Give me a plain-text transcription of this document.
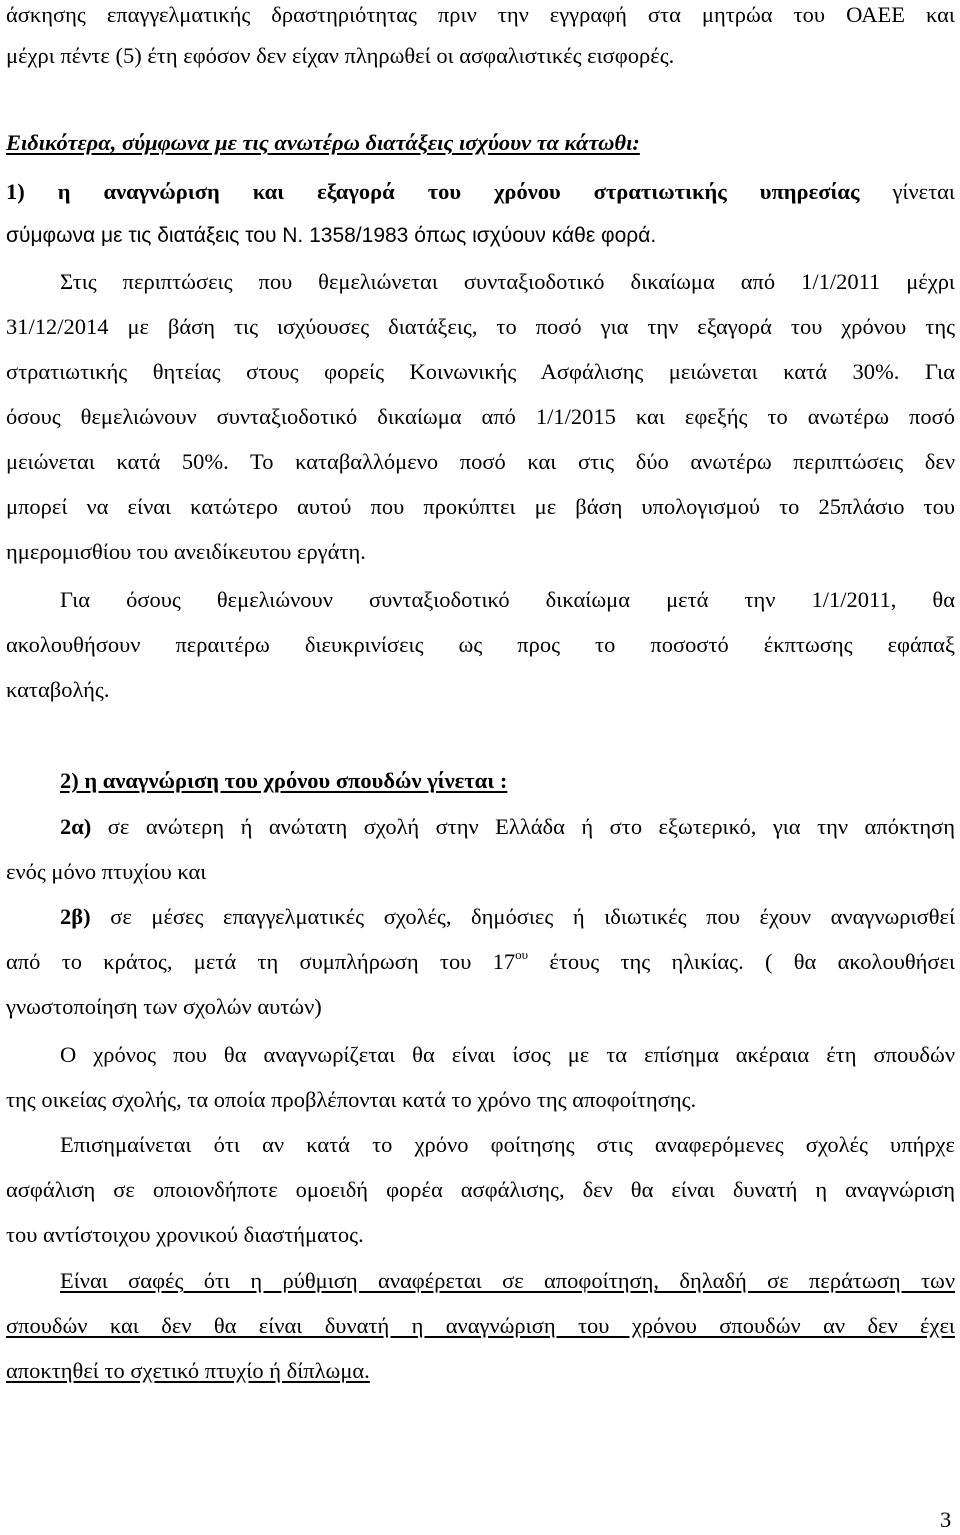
άσκησης επαγγελματικής δραστηριότητας πριν την εγγραφή στα μητρώα του ΟΑΕΕ και
μέχρι πέντε (5) έτη εφόσον δεν είχαν πληρωθεί οι ασφαλιστικές εισφορές.
Ειδικότερα, σύμφωνα με τις ανωτέρω διατάξεις ισχύουν τα κάτωθι:
1) η αναγνώριση και εξαγορά του χρόνου στρατιωτικής υπηρεσίας γίνεται
σύμφωνα με τις διατάξεις του Ν. 1358/1983 όπως ισχύουν κάθε φορά.
Στις περιπτώσεις που θεμελιώνεται συνταξιοδοτικό δικαίωμα από 1/1/2011 μέχρι
31/12/2014 με βάση τις ισχύουσες διατάξεις, το ποσό για την εξαγορά του χρόνου της
στρατιωτικής θητείας στους φορείς Κοινωνικής Ασφάλισης μειώνεται κατά 30%. Για
όσους θεμελιώνουν συνταξιοδοτικό δικαίωμα από 1/1/2015 και εφεξής το ανωτέρω ποσό
μειώνεται κατά 50%. Το καταβαλλόμενο ποσό και στις δύο ανωτέρω περιπτώσεις δεν
μπορεί να είναι κατώτερο αυτού που προκύπτει με βάση υπολογισμού το 25πλάσιο του
ημερομισθίου του ανειδίκευτου εργάτη.
Για όσους θεμελιώνουν συνταξιοδοτικό δικαίωμα μετά την 1/1/2011, θα
ακολουθήσουν περαιτέρω διευκρινίσεις ως προς το ποσοστό έκπτωσης εφάπαξ
καταβολής.
2) η αναγνώριση του χρόνου σπουδών γίνεται :
2α) σε ανώτερη ή ανώτατη σχολή στην Ελλάδα ή στο εξωτερικό, για την απόκτηση
ενός μόνο πτυχίου και
2β) σε μέσες επαγγελματικές σχολές, δημόσιες ή ιδιωτικές που έχουν αναγνωρισθεί
από το κράτος, μετά τη συμπλήρωση του $17^{o\upsilon}$ έτους της ηλικίας. ( θα ακολουθήσει
γνωστοποίηση των σχολών αυτών)
Ο χρόνος που θα αναγνωρίζεται θα είναι ίσος με τα επίσημα ακέραια έτη σπουδών
της οικείας σχολής, τα οποία προβλέπονται κατά το χρόνο της αποφοίτησης.
Επισημαίνεται ότι αν κατά το χρόνο φοίτησης στις αναφερόμενες σχολές υπήρχε
ασφάλιση σε οποιονδήποτε ομοειδή φορέα ασφάλισης, δεν θα είναι δυνατή η αναγνώριση
του αντίστοιχου χρονικού διαστήματος.
Είναι σαφές ότι η ρύθμιση αναφέρεται σε αποφοίτηση, δηλαδή σε περάτωση των
σπουδών και δεν θα είναι δυνατή η αναγνώριση του χρόνου σπουδών αν δεν έχει
αποκτηθεί το σχετικό πτυχίο ή δίπλωμα.
3
